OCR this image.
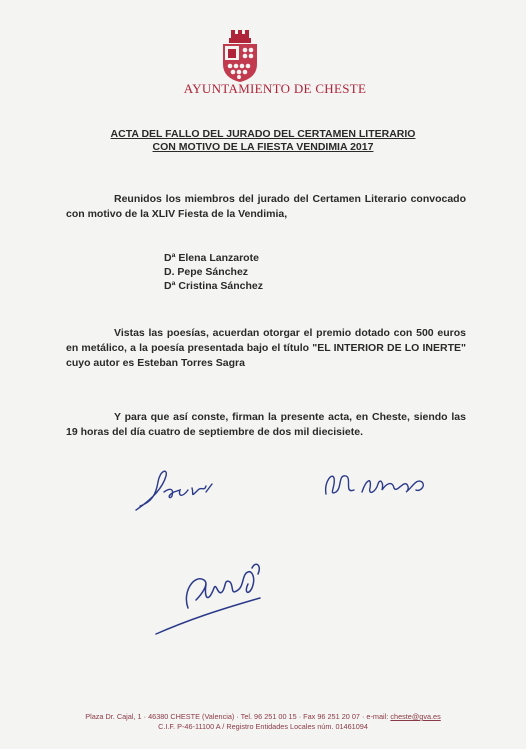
AYUNTAMIENTO DE CHESTE
ACTA DEL FALLO DEL JURADO DEL CERTAMEN LITERARIO
CON MOTIVO DE LA FIESTA VENDIMIA 2017
Reunidos los miembros del jurado del Certamen Literario convocado con motivo de la XLIV Fiesta de la Vendimia,
Dª Elena Lanzarote
D. Pepe Sánchez
Dª Cristina Sánchez
Vistas las poesías, acuerdan otorgar el premio dotado con 500 euros en metálico, a la poesía presentada bajo el título "EL INTERIOR DE LO INERTE" cuyo autor es Esteban Torres Sagra
Y para que así conste, firman la presente acta, en Cheste, siendo las 19 horas del día cuatro de septiembre de dos mil diecisiete.
Plaza Dr. Cajal, 1 · 46380 CHESTE (Valencia) · Tel. 96 251 00 15 · Fax 96 251 20 07 · e-mail: cheste@gva.es
C.I.F. P-46-11100 A / Registro Entidades Locales núm. 01461094
